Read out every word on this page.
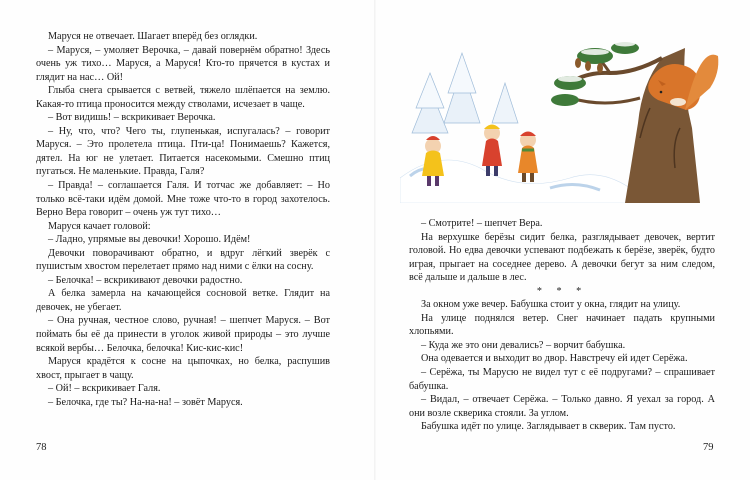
Маруся не отвечает. Шагает вперёд без оглядки.

– Маруся, – умоляет Верочка, – давай повернём обратно! Здесь очень уж тихо… Маруся, а Маруся! Кто-то прячется в кустах и глядит на нас… Ой!

Глыба снега срывается с ветвей, тяжело шлёпается на землю. Какая-то птица проносится между стволами, исчезает в чаще.

– Вот видишь! – вскрикивает Верочка.

– Ну, что, что? Чего ты, глупенькая, испугалась? – говорит Маруся. – Это пролетела птица. Пти-ца! Понимаешь? Кажется, дятел. На юг не улетает. Питается насекомыми. Смешно птиц пугаться. Не маленькие. Правда, Галя?

– Правда! – соглашается Галя. И тотчас же добавляет: – Но только всё-таки идём домой. Мне тоже что-то в город захотелось. Верно Вера говорит – очень уж тут тихо…

Маруся качает головой:

– Ладно, упрямые вы девочки! Хорошо. Идём!

Девочки поворачивают обратно, и вдруг лёгкий зверёк с пушистым хвостом перелетает прямо над ними с ёлки на сосну.

– Белочка! – вскрикивают девочки радостно.

А белка замерла на качающейся сосновой ветке. Глядит на девочек, не убегает.

– Она ручная, честное слово, ручная! – шепчет Маруся. – Вот поймать бы её да принести в уголок живой природы – это лучше всякой вербы… Белочка, белочка! Кис-кис-кис!

Маруся крадётся к сосне на цыпочках, но белка, распушив хвост, прыгает в чащу.

– Ой! – вскрикивает Галя.

– Белочка, где ты? На-на-на! – зовёт Маруся.

78

– Смотрите! – шепчет Вера.

На верхушке берёзы сидит белка, разглядывает девочек, вертит головой. Но едва девочки успевают подбежать к берёзе, зверёк, будто играя, прыгает на соседнее дерево. А девочки бегут за ним следом, всё дальше и дальше в лес.

* * *

За окном уже вечер. Бабушка стоит у окна, глядит на улицу.

На улице поднялся ветер. Снег начинает падать крупными хлопьями.

– Куда же это они девались? – ворчит бабушка.

Она одевается и выходит во двор. Навстречу ей идет Серёжа.

– Серёжа, ты Марусю не видел тут с её подругами? – спрашивает бабушка.

– Видал, – отвечает Серёжа. – Только давно. Я уехал за город. А они возле скверика стояли. За углом.

Бабушка идёт по улице. Заглядывает в скверик. Там пусто.

79
